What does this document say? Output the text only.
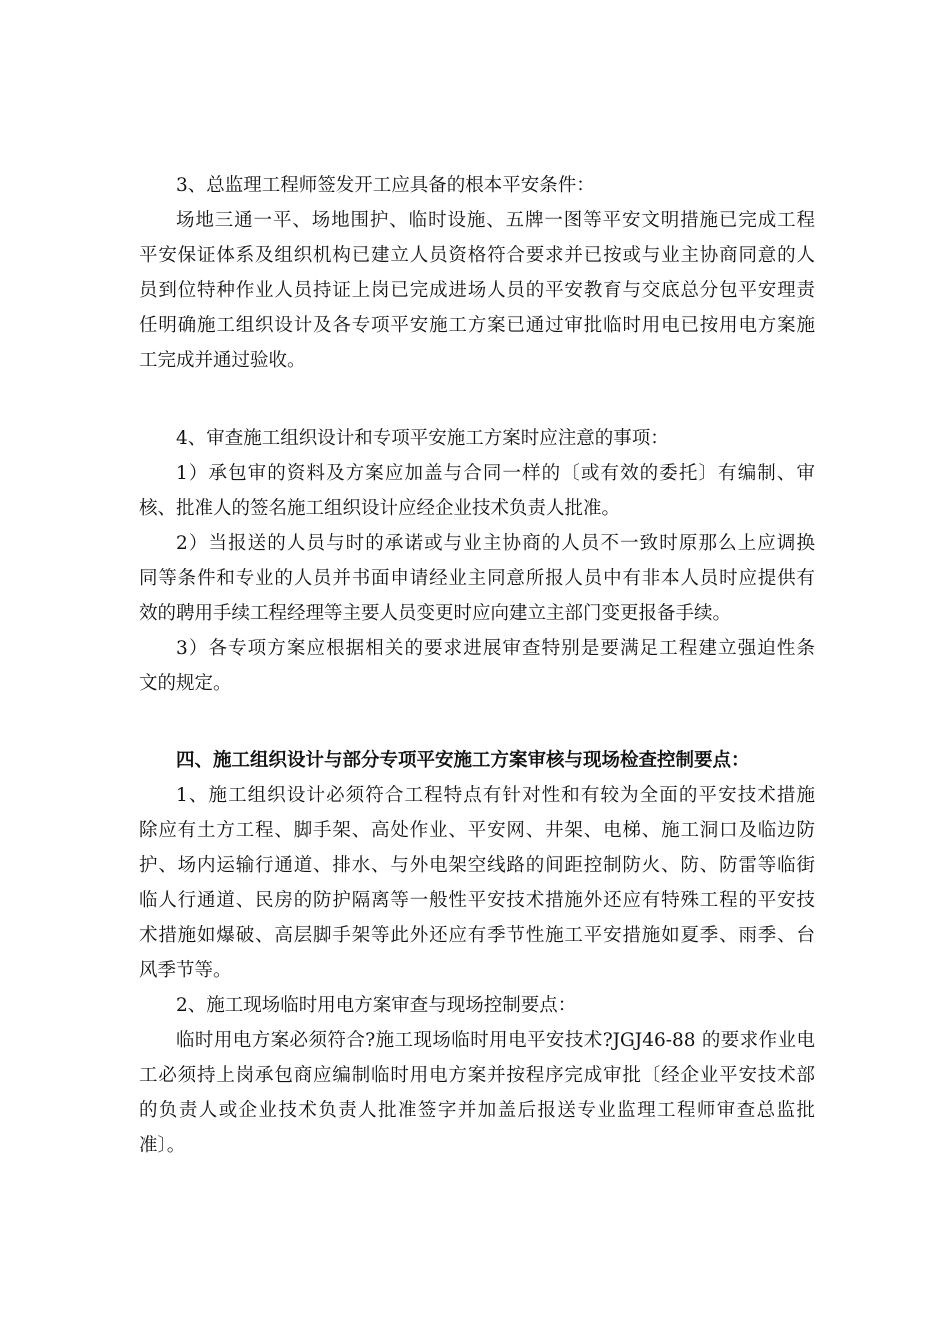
3、总监理工程师签发开工应具备的根本平安条件：
场地三通一平、场地围护、临时设施、五牌一图等平安文明措施已完成工程
平安保证体系及组织机构已建立人员资格符合要求并已按或与业主协商同意的人
员到位特种作业人员持证上岗已完成进场人员的平安教育与交底总分包平安理责
任明确施工组织设计及各专项平安施工方案已通过审批临时用电已按用电方案施
工完成并通过验收。
4、审查施工组织设计和专项平安施工方案时应注意的事项：
1）承包审的资料及方案应加盖与合同一样的〔或有效的委托〕有编制、审
核、批准人的签名施工组织设计应经企业技术负责人批准。
2）当报送的人员与时的承诺或与业主协商的人员不一致时原那么上应调换
同等条件和专业的人员并书面申请经业主同意所报人员中有非本人员时应提供有
效的聘用手续工程经理等主要人员变更时应向建立主部门变更报备手续。
3）各专项方案应根据相关的要求进展审查特别是要满足工程建立强迫性条
文的规定。
四、施工组织设计与部分专项平安施工方案审核与现场检查控制要点：
1、施工组织设计必须符合工程特点有针对性和有较为全面的平安技术措施
除应有土方工程、脚手架、高处作业、平安网、井架、电梯、施工洞口及临边防
护、场内运输行通道、排水、与外电架空线路的间距控制防火、防、防雷等临街
临人行通道、民房的防护隔离等一般性平安技术措施外还应有特殊工程的平安技
术措施如爆破、高层脚手架等此外还应有季节性施工平安措施如夏季、雨季、台
风季节等。
2、施工现场临时用电方案审查与现场控制要点：
临时用电方案必须符合?施工现场临时用电平安技术?JGJ46-88 的要求作业电
工必须持上岗承包商应编制临时用电方案并按程序完成审批〔经企业平安技术部
的负责人或企业技术负责人批准签字并加盖后报送专业监理工程师审查总监批
准〕。
